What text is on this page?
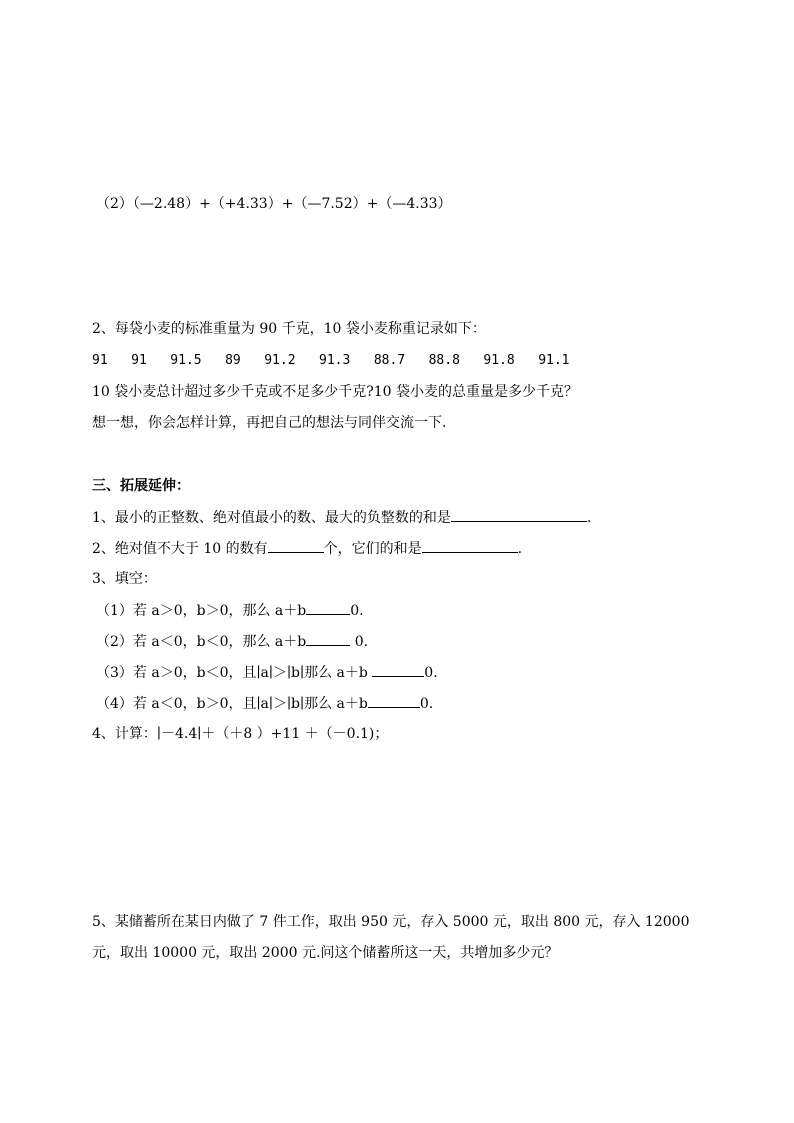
（2）（—2.48）+（+4.33）+（—7.52）+（—4.33）
2、每袋小麦的标准重量为 90 千克，10 袋小麦称重记录如下：
91 91 91.5 89 91.2 91.3 88.7 88.8 91.8 91.1
10 袋小麦总计超过多少千克或不足多少千克?10 袋小麦的总重量是多少千克？
想一想，你会怎样计算，再把自己的想法与同伴交流一下.
三、拓展延伸：
1、最小的正整数、绝对值最小的数、最大的负整数的和是	.
2、绝对值不大于 10 的数有	个，它们的和是	.
3、填空：
（1）若 a＞0，b＞0，那么 a＋b	0.
（2）若 a＜0，b＜0，那么 a＋b	0.
（3）若 a＞0，b＜0，且∣a∣＞∣b∣那么 a＋b	0.
（4）若 a＜0，b＞0，且∣a∣＞∣b∣那么 a＋b	0.
4、计算：∣－4.4∣＋（＋8 ）+11 ＋（－0.1)；
5、某储蓄所在某日内做了 7 件工作，取出 950 元，存入 5000 元，取出 800 元，存入 12000
元，取出 10000 元，取出 2000 元.问这个储蓄所这一天，共增加多少元？
